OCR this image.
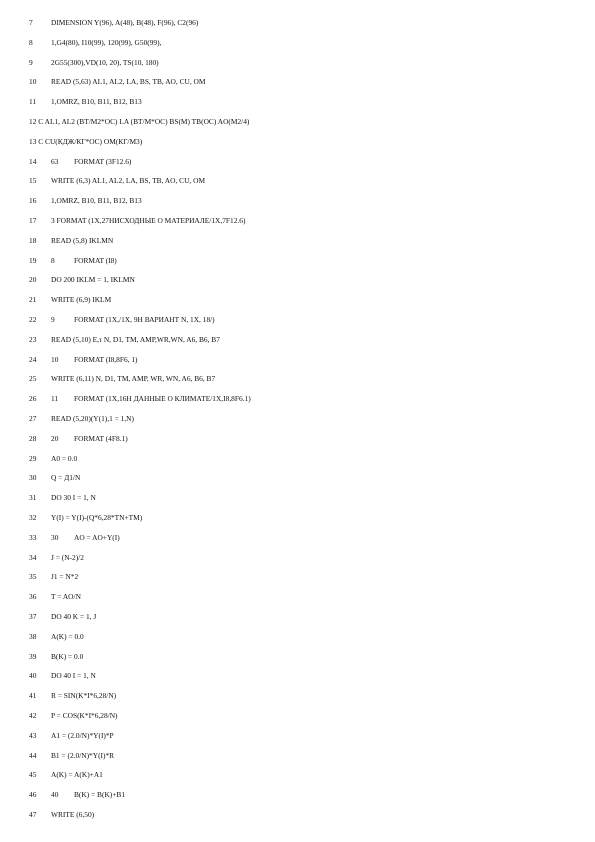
7 DIMENSION Y(96), A(48), B(48), F(96), C2(96)
8 1,G4(80), I10(99), 120(99), G50(99),
9 2G55(300),VD(10, 20), TS(10, 180)
10 READ (5,63) AL1, AL2, LA, BS, TB, AO, CU, OM
11 1,OMRZ, B10, B11, B12, B13
12 C AL1, AL2 (BT/M2*OC) LA (BT/M*OC) BS(M) TB(OC) AO(M2/4)
13 C CU(КДЖ/КГ*OC) OM(КГ/M3)
14 63 FORMAT (3F12.6)
15 WRITE (6,3) AL1, AL2, LA, BS, TB, AO, CU, OM
16 1,OMRZ, B10, B11, B12, B13
17 3 FORMAT (1X,27HИСХОДНЫЕ О МАТЕРИАЛЕ/1X,7F12.6)
18 READ (5,8) IKLMN
19 8	FORMAT (I8)
20 DO 200 IKLM = 1, IKLMN
21 WRITE (6,9) IKLM
22 9	FORMAT (1X,/1X, 9H ВАРИАНТ N, 1X, 18/)
23 READ (5,10) E,τ N, D1, TM, AMP,WR,WN, A6, B6, B7
24 10 FORMAT (I8,8F6, 1)
25 WRITE (6,11) N, D1, TM, AMP, WR, WN, A6, B6, B7
26 11 FORMAT (1X,16H ДАННЫЕ О КЛИМАТЕ/1X,I8,8F6.1)
27 READ (5,20)(Y(1),1 = 1,N)
28 20 FORMAT (4F8.1)
29 A0 = 0.0
30 Q = Д1/N
31 DO 30 I = 1, N
32 Y(I) = Y(I)-(Q*6,28*TN+TM)
33 30 AO = AO+Y(I)
34 J = (N-2)/2
35 J1 = N*2
36 T = AO/N
37 DO 40 K = 1, J
38 A(K) = 0.0
39 B(K) = 0.0
40 DO 40 I = 1, N
41 R = SIN(K*I*6,28/N)
42 P = COS(K*I*6,28/N)
43 A1 = (2.0/N)*Y(I)*P
44 B1 = (2.0/N)*Y(I)*R
45 A(K) = A(K)+A1
46 40 B(K) = B(K)+B1
47 WRITE (6,50)
